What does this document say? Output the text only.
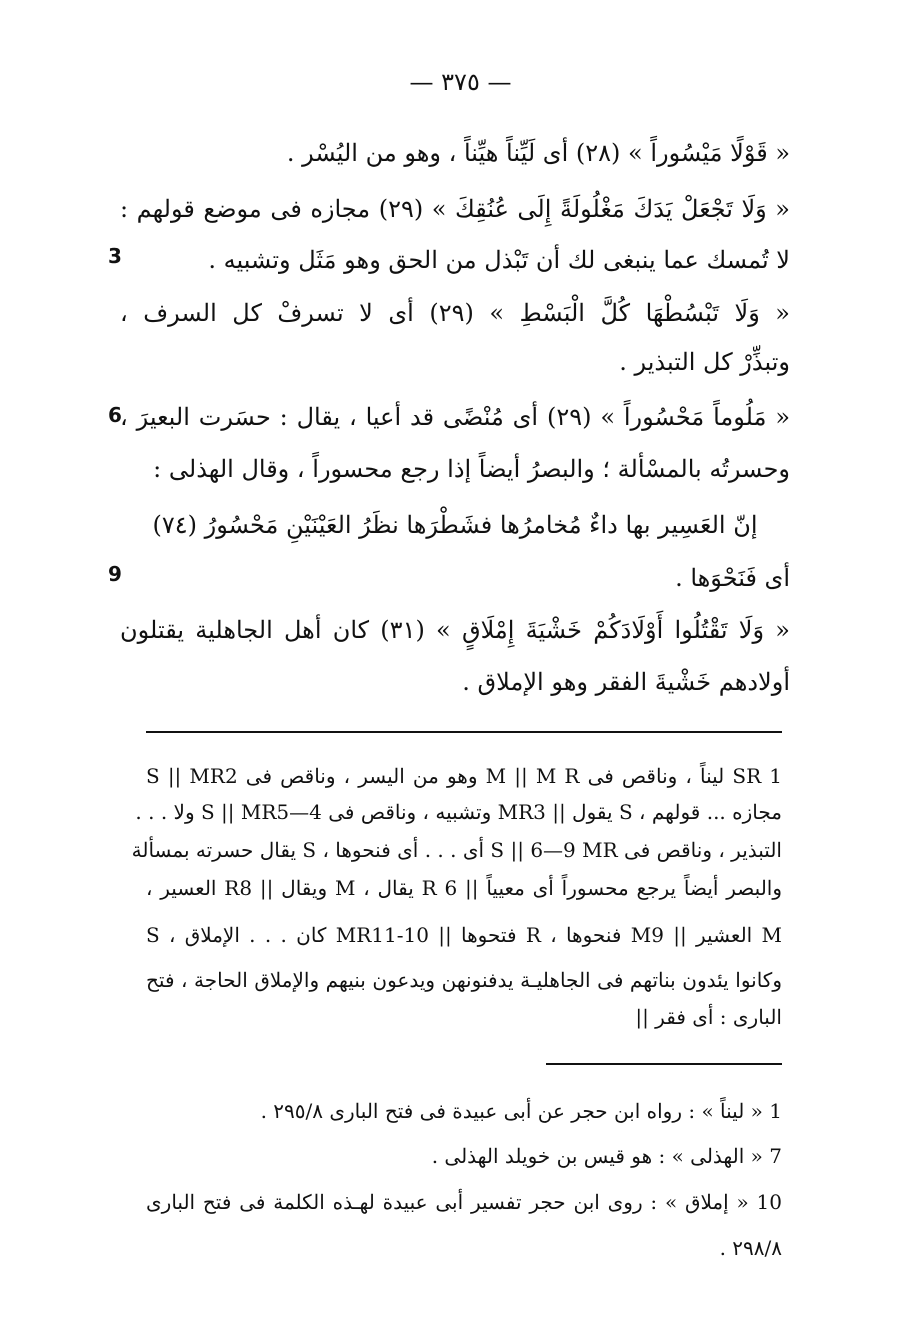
— ٣٧٥ —
« قَوْلًا مَيْسُوراً » (٢٨) أى لَيِّناً هيِّناً ، وهو من اليُسْر .
« وَلَا تَجْعَلْ يَدَكَ مَغْلُولَةً إِلَى عُنُقِكَ » (٢٩) مجازه فى موضع قولهم :
لا تُمسك عما ينبغى لك أن تَبْذل من الحق وهو مَثَل وتشبيه .
« وَلَا تَبْسُطْهَا كُلَّ الْبَسْطِ » (٢٩) أى لا تسرفْ كل السرف ،
وتبذِّرْ كل التبذير .
« مَلُوماً مَحْسُوراً » (٢٩) أى مُنْضًى قد أعيا ، يقال : حسَرت البعيرَ ،
وحسرتُه بالمسْألة ؛ والبصرُ أيضاً إذا رجع محسوراً ، وقال الهذلى :
إنّ العَسِير بها داءٌ مُخامرُها فشَطْرَها نظَرُ العَيْنَيْنِ مَحْسُورُ (٧٤)
أى فَنَحْوَها .
« وَلَا تَقْتُلُوا أَوْلَادَكُمْ خَشْيَةَ إِمْلَاقٍ » (٣١) كان أهل الجاهلية يقتلون
أولادهم خَشْيةَ الفقر وهو الإملاق .
3
6
9
1 SR ليناً ، وناقص فى M || M R وهو من اليسر ، وناقص فى S || MR2
مجازه ... قولهم ، S يقول || MR3 وتشبيه ، وناقص فى S || MR5—4 ولا . . .
التبذير ، وناقص فى S || 6—9 MR أى . . . أى فنحوها ، S يقال حسرته بمسألة
والبصر أيضاً يرجع محسوراً أى معيياً || 6 R يقال ، M ويقال || R8 العسير ،
M العشير || M9 فنحوها ، R فتحوها || MR11-10 كان . . . الإملاق ، S
وكانوا يئدون بناتهم فى الجاهليـة يدفنونهن ويدعون بنيهم والإملاق الحاجة ، فتح
البارى : أى فقر ||
1 « ليناً » : رواه ابن حجر عن أبى عبيدة فى فتح البارى ٢٩٥/٨ .
7 « الهذلى » : هو قيس بن خويلد الهذلى .
10 « إملاق » : روى ابن حجر تفسير أبى عبيدة لهـذه الكلمة فى فتح البارى
٢٩٨/٨ .
